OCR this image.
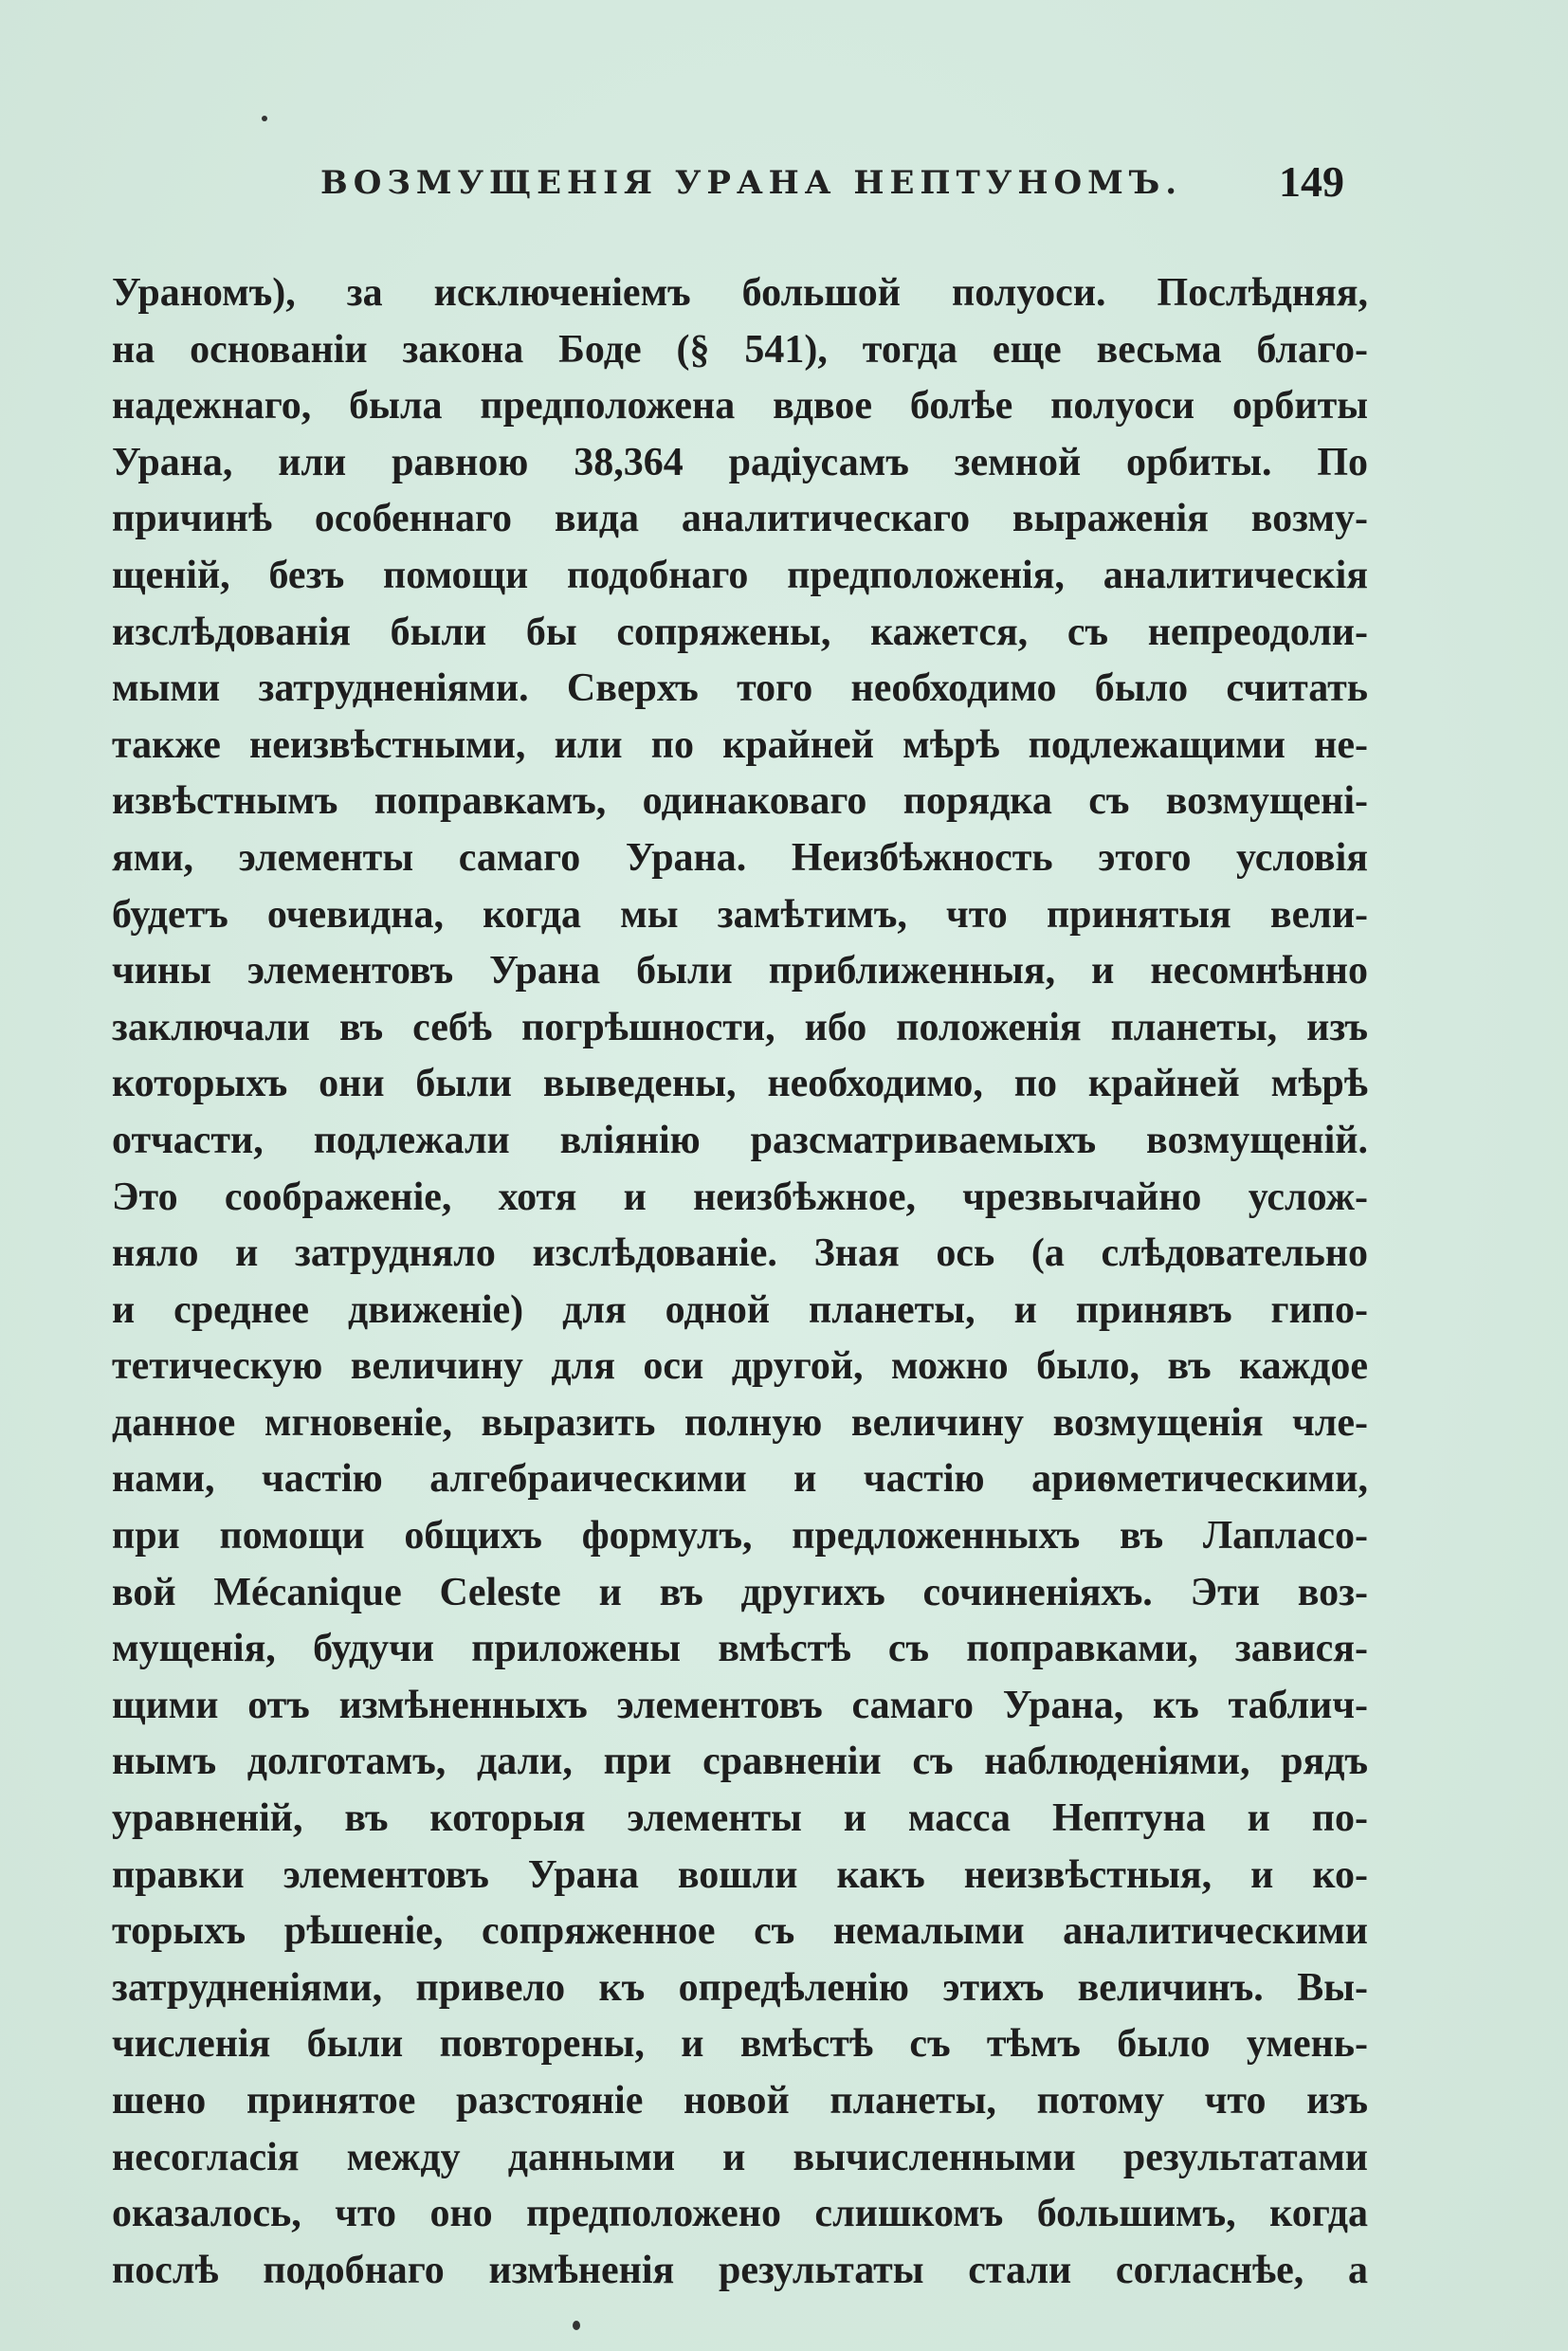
ВОЗМУЩЕНІЯ УРАНА НЕПТУНОМЪ. 149
Ураномъ), за исключеніемъ большой полуоси. Послѣдняя,
на основаніи закона Боде (§ 541), тогда еще весьма благо-
надежнаго, была предположена вдвое болѣе полуоси орбиты
Урана, или равною 38,364 радіусамъ земной орбиты. По
причинѣ особеннаго вида аналитическаго выраженія возму-
щеній, безъ помощи подобнаго предположенія, аналитическія
изслѣдованія были бы сопряжены, кажется, съ непреодоли-
мыми затрудненіями. Сверхъ того необходимо было считать
также неизвѣстными, или по крайней мѣрѣ подлежащими не-
извѣстнымъ поправкамъ, одинаковаго порядка съ возмущені-
ями, элементы самаго Урана. Неизбѣжность этого условія
будетъ очевидна, когда мы замѣтимъ, что принятыя вели-
чины элементовъ Урана были приближенныя, и несомнѣнно
заключали въ себѣ погрѣшности, ибо положенія планеты, изъ
которыхъ они были выведены, необходимо, по крайней мѣрѣ
отчасти, подлежали вліянію разсматриваемыхъ возмущеній.
Это соображеніе, хотя и неизбѣжное, чрезвычайно услож-
няло и затрудняло изслѣдованіе. Зная ось (а слѣдовательно
и среднее движеніе) для одной планеты, и принявъ гипо-
тетическую величину для оси другой, можно было, въ каждое
данное мгновеніе, выразить полную величину возмущенія чле-
нами, частію алгебраическими и частію ариѳметическими,
при помощи общихъ формулъ, предложенныхъ въ Лапласо-
вой Mécanique Celeste и въ другихъ сочиненіяхъ. Эти воз-
мущенія, будучи приложены вмѣстѣ съ поправками, завися-
щими отъ измѣненныхъ элементовъ самаго Урана, къ таблич-
нымъ долготамъ, дали, при сравненіи съ наблюденіями, рядъ
уравненій, въ которыя элементы и масса Нептуна и по-
правки элементовъ Урана вошли какъ неизвѣстныя, и ко-
торыхъ рѣшеніе, сопряженное съ немалыми аналитическими
затрудненіями, привело къ опредѣленію этихъ величинъ. Вы-
численія были повторены, и вмѣстѣ съ тѣмъ было умень-
шено принятое разстояніе новой планеты, потому что изъ
несогласія между данными и вычисленными результатами
оказалось, что оно предположено слишкомъ большимъ, когда
послѣ подобнаго измѣненія результаты стали согласнѣе, а
